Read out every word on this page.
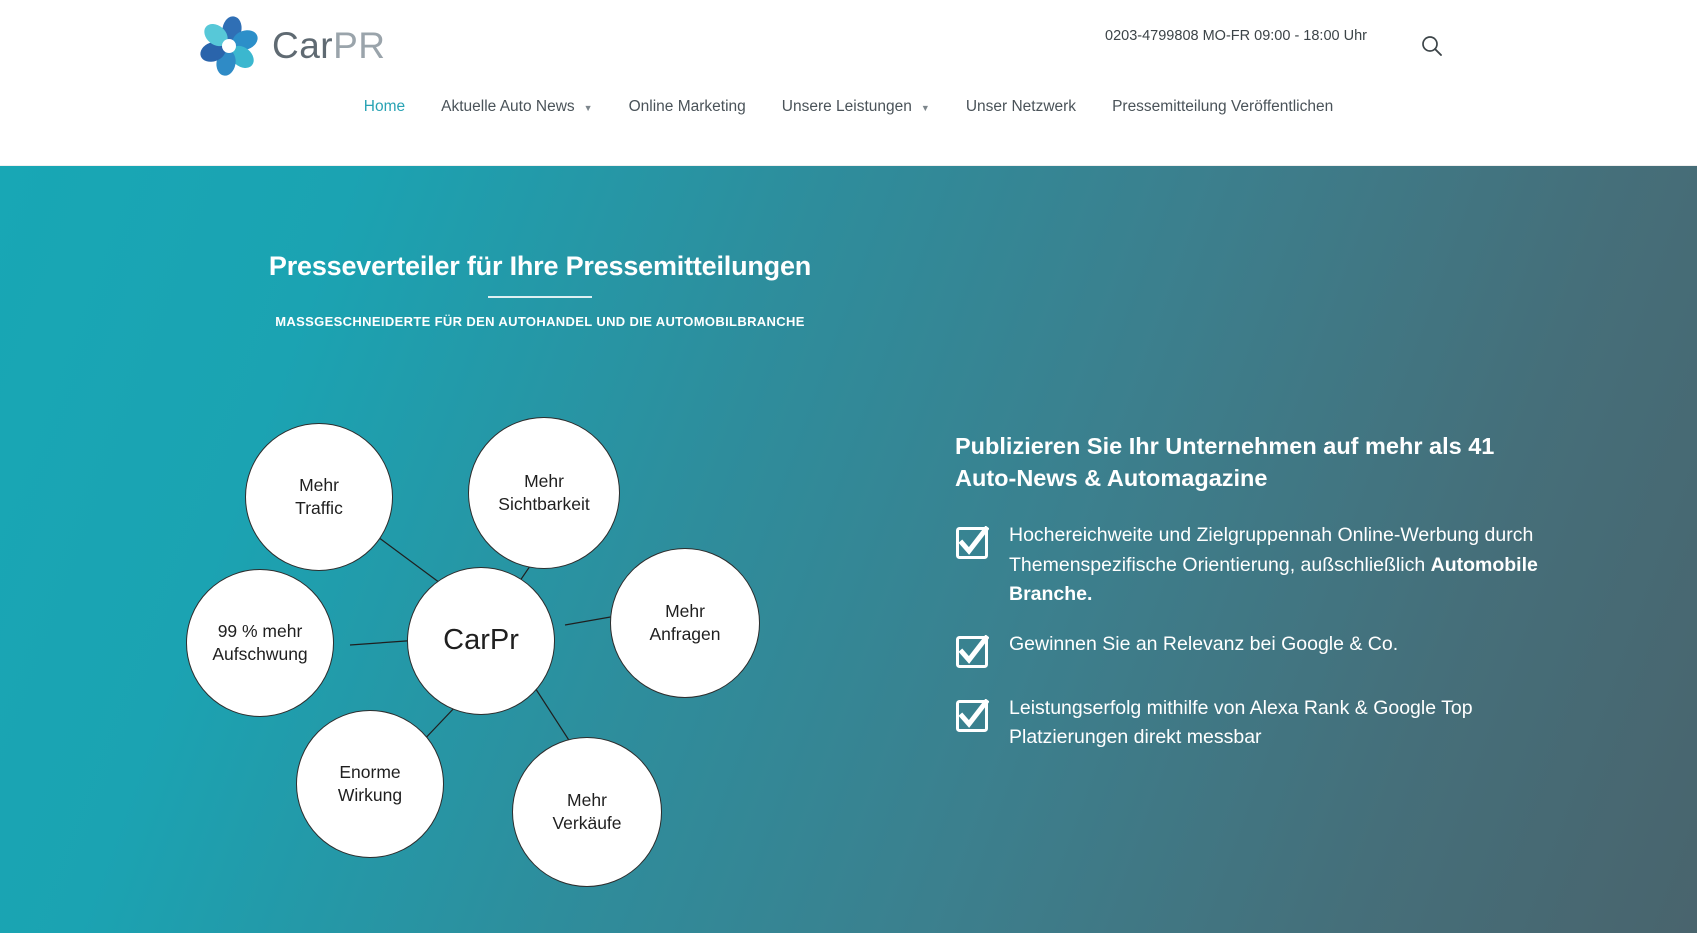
CarPR	0203-4799808 MO-FR 09:00 - 18:00 Uhr
Home Aktuelle Auto News ▼ Online Marketing Unsere Leistungen ▼ Unser Netzwerk Pressemitteilung Veröffentlichen
Presseverteiler für Ihre Pressemitteilungen

MASSGESCHNEIDERTE FÜR DEN AUTOHANDEL UND DIE AUTOMOBILBRANCHE

Mehr
Traffic
Mehr
Sichtbarkeit
99 % mehr
Aufschwung	CarPr
Mehr
Anfragen
Enorme
Wirkung	Mehr
Verkäufe
Publizieren Sie Ihr Unternehmen auf mehr als 41 Auto-News & Automagazine
Hochereichweite und Zielgruppennah Online-Werbung durch Themenspezifische Orientierung, außschließlich Automobile Branche.
Gewinnen Sie an Relevanz bei Google & Co.
Leistungserfolg mithilfe von Alexa Rank & Google Top Platzierungen direkt messbar
